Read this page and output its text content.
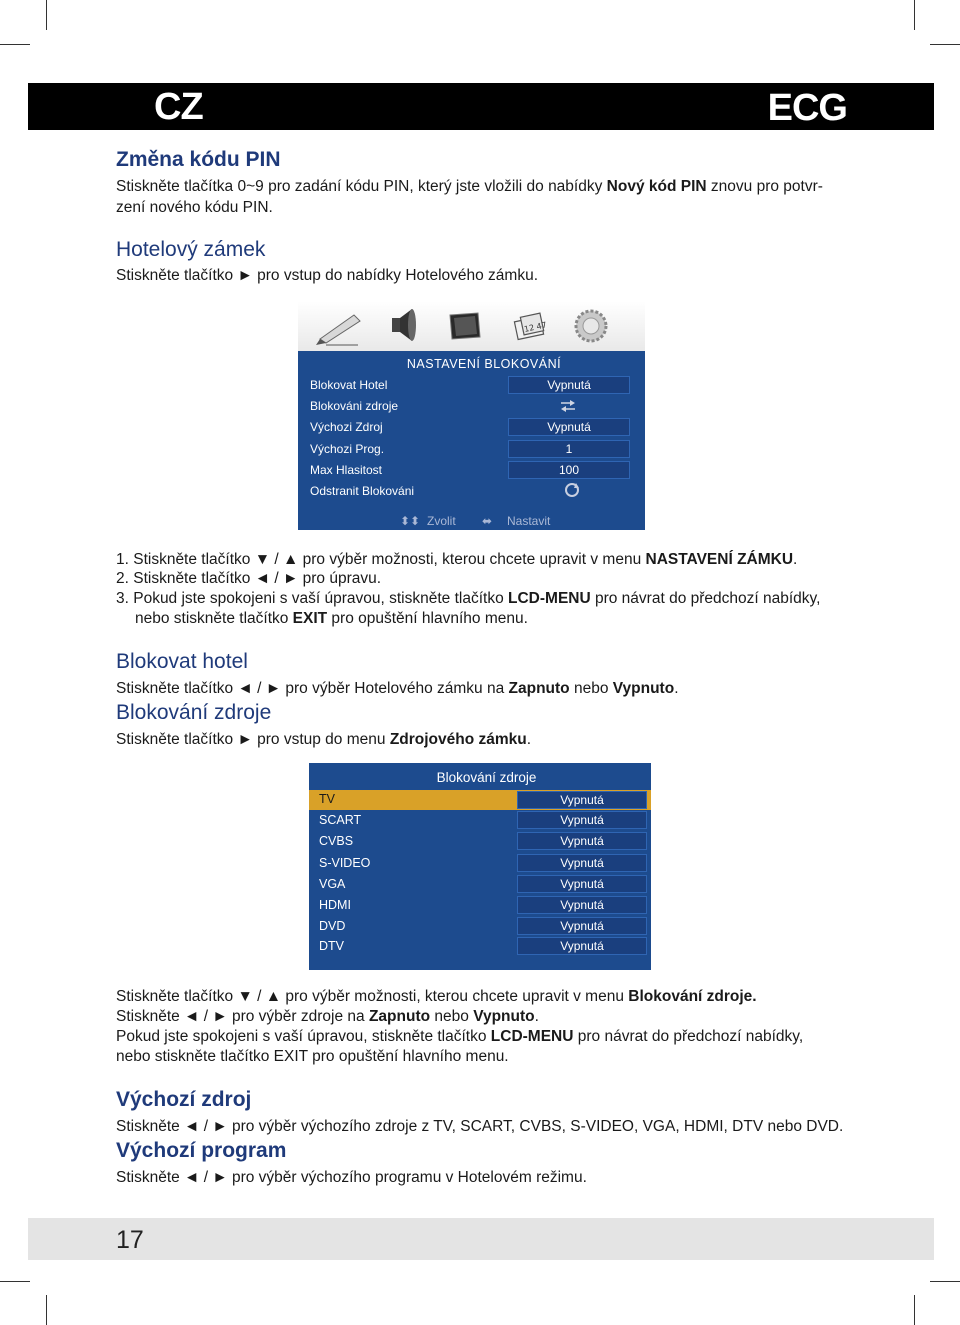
CZ	ECG
Změna kódu PIN

Stiskněte tlačítka 0~9 pro zadání kódu PIN, který jste vložili do nabídky Nový kód PIN znovu pro potvr-

zení nového kódu PIN.

Hotelový zámek

Stiskněte tlačítko ► pro vstup do nabídky Hotelového zámku.

12 47
NASTAVENÍ BLOKOVÁNÍ
Blokovat Hotel	Vypnutá
Blokováni zdroje
Výchozi Zdroj	Vypnutá
Výchozi Prog.	1
Max Hlasitost	100
Odstranit Blokováni
⬍⬍ Zvolit ⬌ Nastavit

1. Stiskněte tlačítko ▼ / ▲ pro výběr možnosti, kterou chcete upravit v menu NASTAVENÍ ZÁMKU.

2. Stiskněte tlačítko ◄ / ► pro úpravu.

3. Pokud jste spokojeni s vaší úpravou, stiskněte tlačítko LCD-MENU pro návrat do předchozí nabídky,

nebo stiskněte tlačítko EXIT pro opuštění hlavního menu.

Blokovat hotel

Stiskněte tlačítko ◄ / ► pro výběr Hotelového zámku na Zapnuto nebo Vypnuto.

Blokování zdroje

Stiskněte tlačítko ► pro vstup do menu Zdrojového zámku.

Blokování zdroje
TV	Vypnutá
SCART	Vypnutá
CVBS	Vypnutá
S-VIDEO	Vypnutá
VGA	Vypnutá
HDMI	Vypnutá
DVD	Vypnutá
DTV	Vypnutá

Stiskněte tlačítko ▼ / ▲ pro výběr možnosti, kterou chcete upravit v menu Blokování zdroje.

Stiskněte ◄ / ► pro výběr zdroje na Zapnuto nebo Vypnuto.

Pokud jste spokojeni s vaší úpravou, stiskněte tlačítko LCD-MENU pro návrat do předchozí nabídky,

nebo stiskněte tlačítko EXIT pro opuštění hlavního menu.

Výchozí zdroj

Stiskněte ◄ / ► pro výběr výchozího zdroje z TV, SCART, CVBS, S-VIDEO, VGA, HDMI, DTV nebo DVD.

Výchozí program

Stiskněte ◄ / ► pro výběr výchozího programu v Hotelovém režimu.

17
